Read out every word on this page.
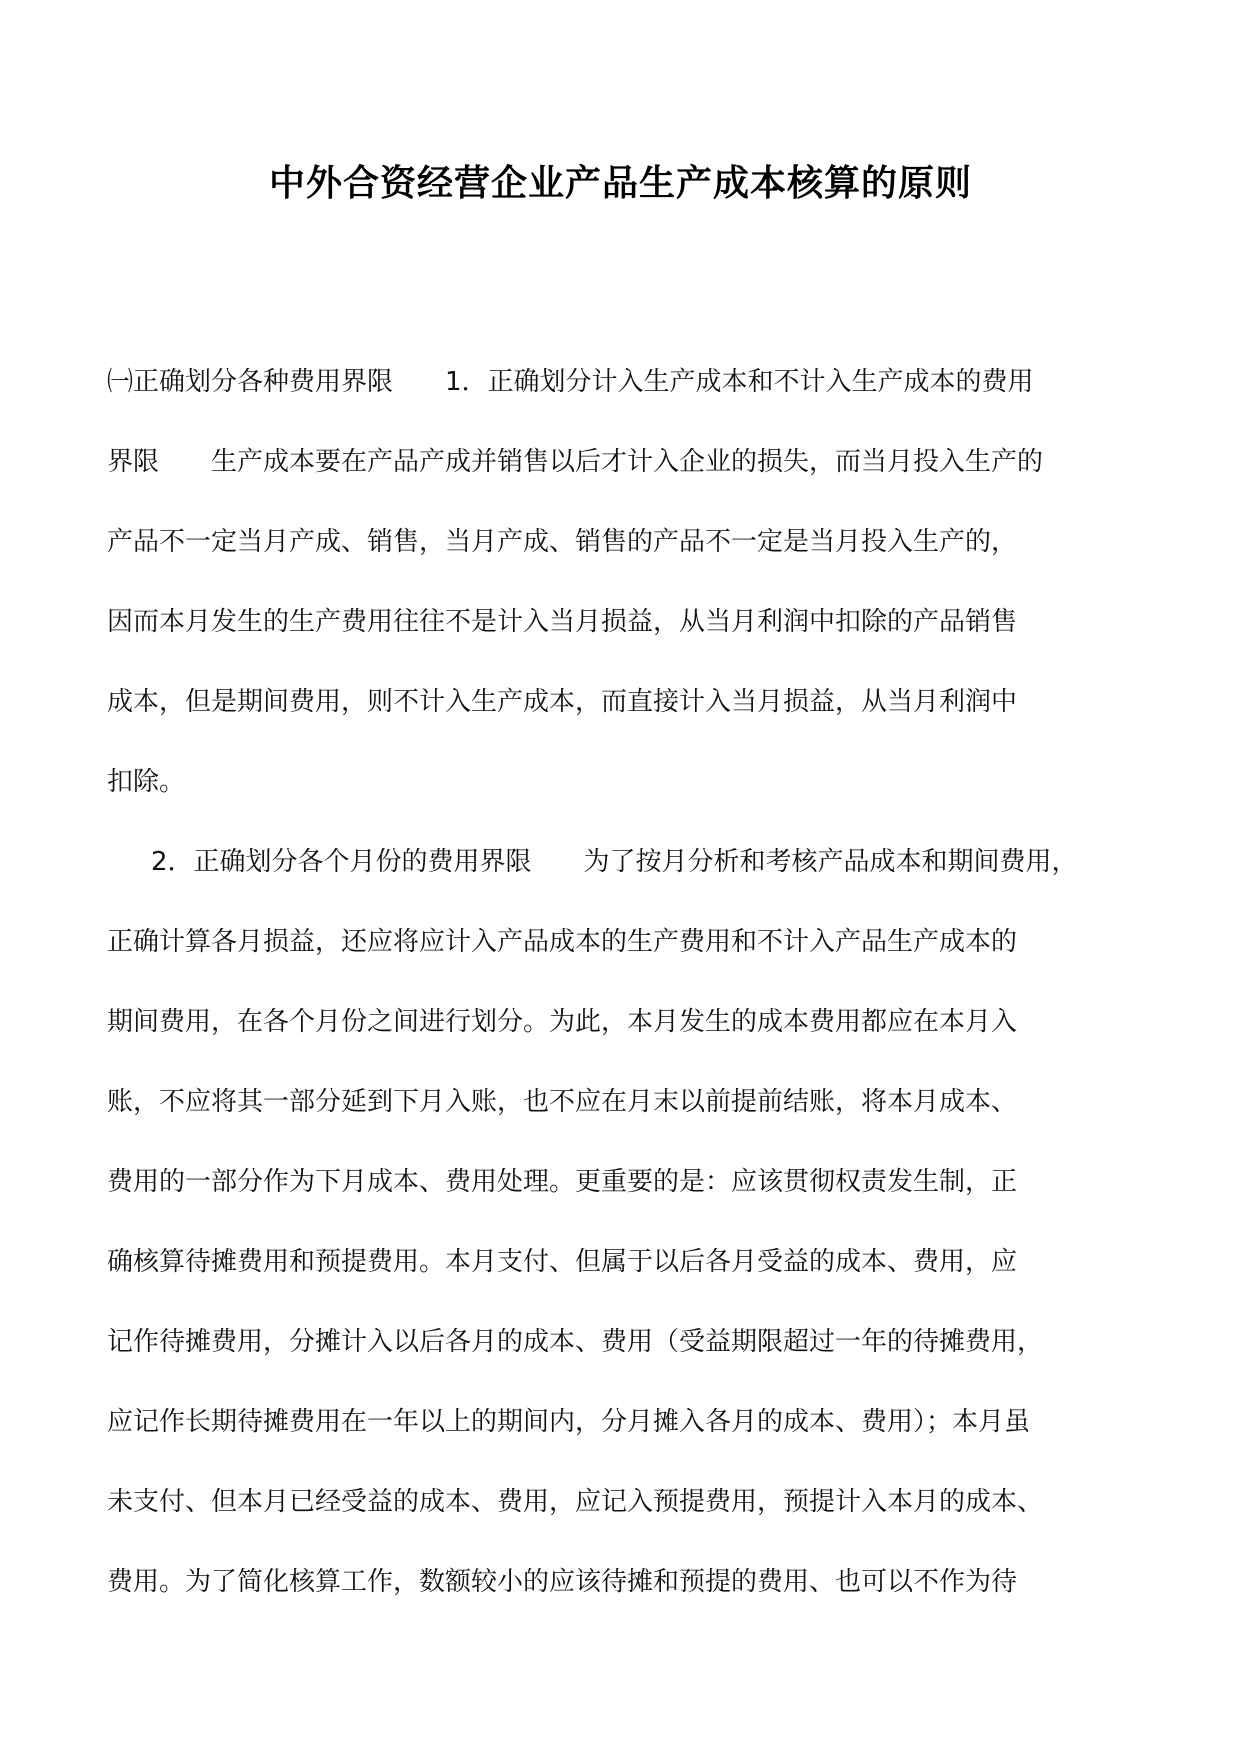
中外合资经营企业产品生产成本核算的原则
㈠正确划分各种费用界限　　1．正确划分计入生产成本和不计入生产成本的费用
界限　　生产成本要在产品产成并销售以后才计入企业的损失，而当月投入生产的
产品不一定当月产成、销售，当月产成、销售的产品不一定是当月投入生产的，
因而本月发生的生产费用往往不是计入当月损益，从当月利润中扣除的产品销售
成本，但是期间费用，则不计入生产成本，而直接计入当月损益，从当月利润中
扣除。
2．正确划分各个月份的费用界限　　为了按月分析和考核产品成本和期间费用，
正确计算各月损益，还应将应计入产品成本的生产费用和不计入产品生产成本的
期间费用，在各个月份之间进行划分。为此，本月发生的成本费用都应在本月入
账，不应将其一部分延到下月入账，也不应在月末以前提前结账，将本月成本、
费用的一部分作为下月成本、费用处理。更重要的是：应该贯彻权责发生制，正
确核算待摊费用和预提费用。本月支付、但属于以后各月受益的成本、费用，应
记作待摊费用，分摊计入以后各月的成本、费用（受益期限超过一年的待摊费用，
应记作长期待摊费用在一年以上的期间内，分月摊入各月的成本、费用）；本月虽
未支付、但本月已经受益的成本、费用，应记入预提费用，预提计入本月的成本、
费用。为了简化核算工作，数额较小的应该待摊和预提的费用、也可以不作为待
